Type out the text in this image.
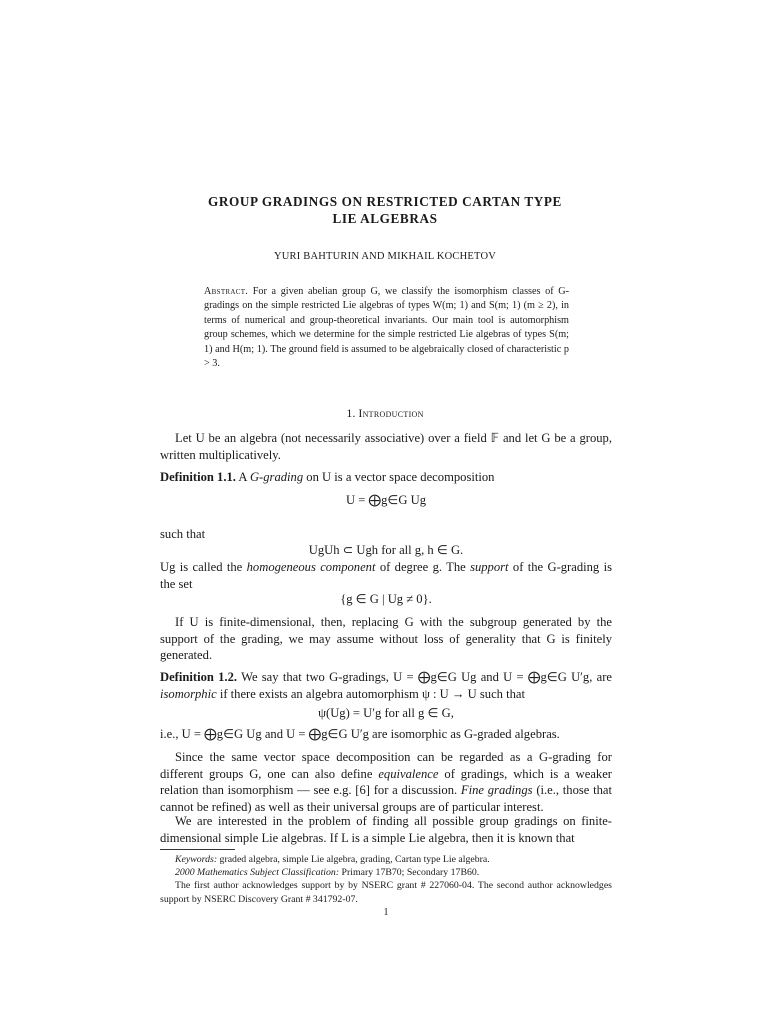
GROUP GRADINGS ON RESTRICTED CARTAN TYPE
LIE ALGEBRAS
YURI BAHTURIN AND MIKHAIL KOCHETOV
Abstract. For a given abelian group G, we classify the isomorphism classes of G-gradings on the simple restricted Lie algebras of types W(m; 1) and S(m; 1) (m ≥ 2), in terms of numerical and group-theoretical invariants. Our main tool is automorphism group schemes, which we determine for the simple restricted Lie algebras of types S(m; 1) and H(m; 1). The ground field is assumed to be algebraically closed of characteristic p > 3.
1. Introduction
Let U be an algebra (not necessarily associative) over a field 𝔽 and let G be a group, written multiplicatively.
Definition 1.1. A G-grading on U is a vector space decomposition
U = ⨁g∈G Ug
such that
UgUh ⊂ Ugh for all g, h ∈ G.
Ug is called the homogeneous component of degree g. The support of the G-grading is the set
{g ∈ G | Ug ≠ 0}.
If U is finite-dimensional, then, replacing G with the subgroup generated by the support of the grading, we may assume without loss of generality that G is finitely generated.
Definition 1.2. We say that two G-gradings, U = ⨁g∈G Ug and U = ⨁g∈G U′g, are isomorphic if there exists an algebra automorphism ψ : U → U such that
ψ(Ug) = U′g for all g ∈ G,
i.e., U = ⨁g∈G Ug and U = ⨁g∈G U′g are isomorphic as G-graded algebras.
Since the same vector space decomposition can be regarded as a G-grading for different groups G, one can also define equivalence of gradings, which is a weaker relation than isomorphism — see e.g. [6] for a discussion. Fine gradings (i.e., those that cannot be refined) as well as their universal groups are of particular interest.
We are interested in the problem of finding all possible group gradings on finite-dimensional simple Lie algebras. If L is a simple Lie algebra, then it is known that
Keywords: graded algebra, simple Lie algebra, grading, Cartan type Lie algebra.
2000 Mathematics Subject Classification: Primary 17B70; Secondary 17B60.
The first author acknowledges support by by NSERC grant # 227060-04. The second author acknowledges support by NSERC Discovery Grant # 341792-07.
1
